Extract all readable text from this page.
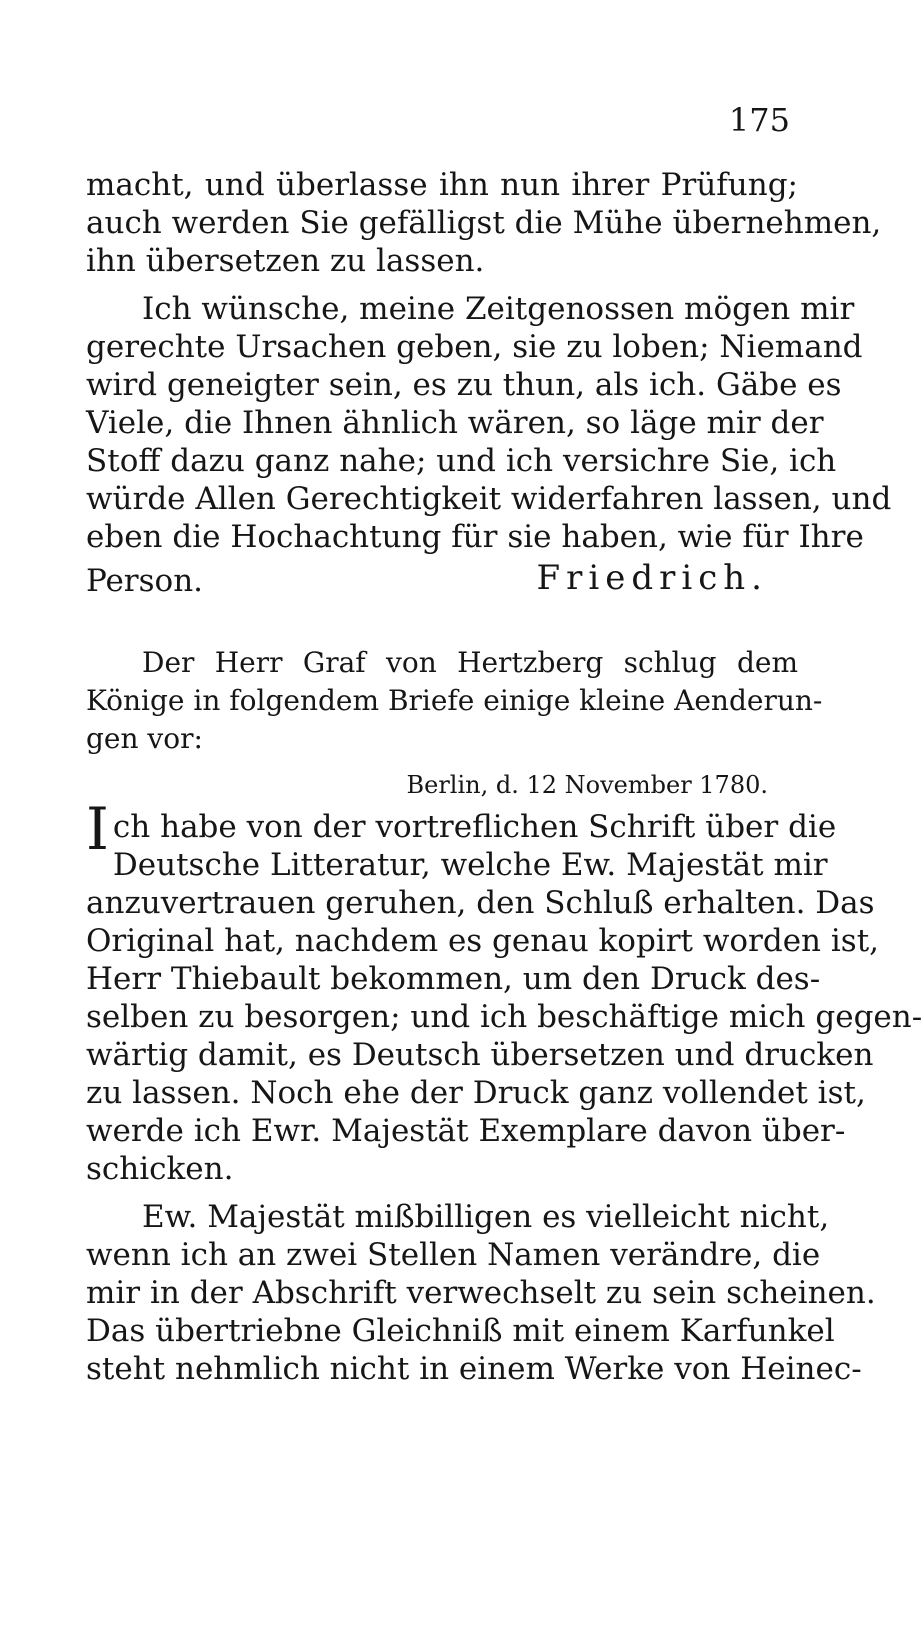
175
macht, und überlasse ihn nun ihrer Prüfung;
auch werden Sie gefälligst die Mühe übernehmen,
ihn übersetzen zu lassen.
Ich wünsche, meine Zeitgenossen mögen mir
gerechte Ursachen geben, sie zu loben; Niemand
wird geneigter sein, es zu thun, als ich. Gäbe es
Viele, die Ihnen ähnlich wären, so läge mir der
Stoff dazu ganz nahe; und ich versichre Sie, ich
würde Allen Gerechtigkeit widerfahren lassen, und
eben die Hochachtung für sie haben, wie für Ihre
Person.	Friedrich.
Der Herr Graf von Hertzberg schlug dem
Könige in folgendem Briefe einige kleine Aenderun-
gen vor:
Berlin, d. 12 November 1780.
Ich habe von der vortreflichen Schrift über die
Deutsche Litteratur, welche Ew. Majestät mir
anzuvertrauen geruhen, den Schluß erhalten. Das
Original hat, nachdem es genau kopirt worden ist,
Herr Thiebault bekommen, um den Druck des-
selben zu besorgen; und ich beschäftige mich gegen-
wärtig damit, es Deutsch übersetzen und drucken
zu lassen. Noch ehe der Druck ganz vollendet ist,
werde ich Ewr. Majestät Exemplare davon über-
schicken.
Ew. Majestät mißbilligen es vielleicht nicht,
wenn ich an zwei Stellen Namen verändre, die
mir in der Abschrift verwechselt zu sein scheinen.
Das übertriebne Gleichniß mit einem Karfunkel
steht nehmlich nicht in einem Werke von Heinec-
